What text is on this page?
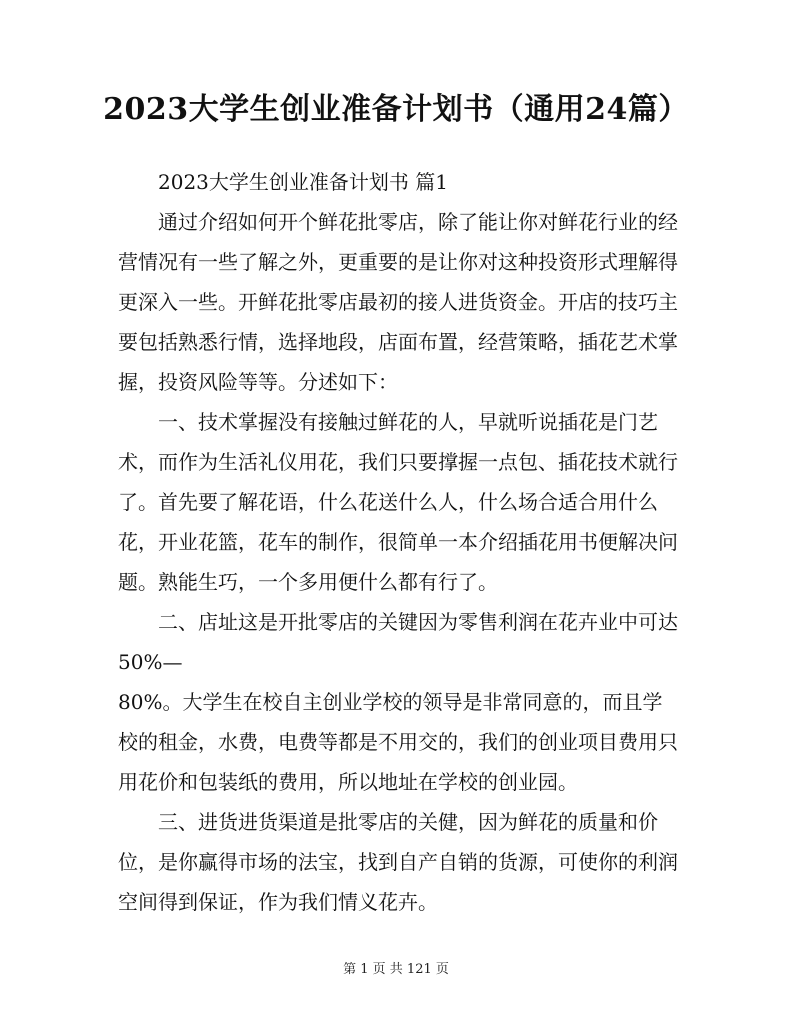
2023大学生创业准备计划书（通用24篇）

2023大学生创业准备计划书 篇1

通过介绍如何开个鲜花批零店，除了能让你对鲜花行业的经营情况有一些了解之外，更重要的是让你对这种投资形式理解得更深入一些。开鲜花批零店最初的接人进货资金。开店的技巧主要包括熟悉行情，选择地段，店面布置，经营策略，插花艺术掌握，投资风险等等。分述如下：

一、技术掌握没有接触过鲜花的人，早就听说插花是门艺术，而作为生活礼仪用花，我们只要撑握一点包、插花技术就行了。首先要了解花语，什么花送什么人，什么场合适合用什么花，开业花篮，花车的制作，很简单一本介绍插花用书便解决问题。熟能生巧，一个多用便什么都有行了。

二、店址这是开批零店的关键因为零售利润在花卉业中可达50%—

80%。大学生在校自主创业学校的领导是非常同意的，而且学校的租金，水费，电费等都是不用交的，我们的创业项目费用只用花价和包装纸的费用，所以地址在学校的创业园。

三、进货进货渠道是批零店的关健，因为鲜花的质量和价位，是你赢得市场的法宝，找到自产自销的货源，可使你的利润空间得到保证，作为我们情义花卉。

第 1 页 共 121 页
